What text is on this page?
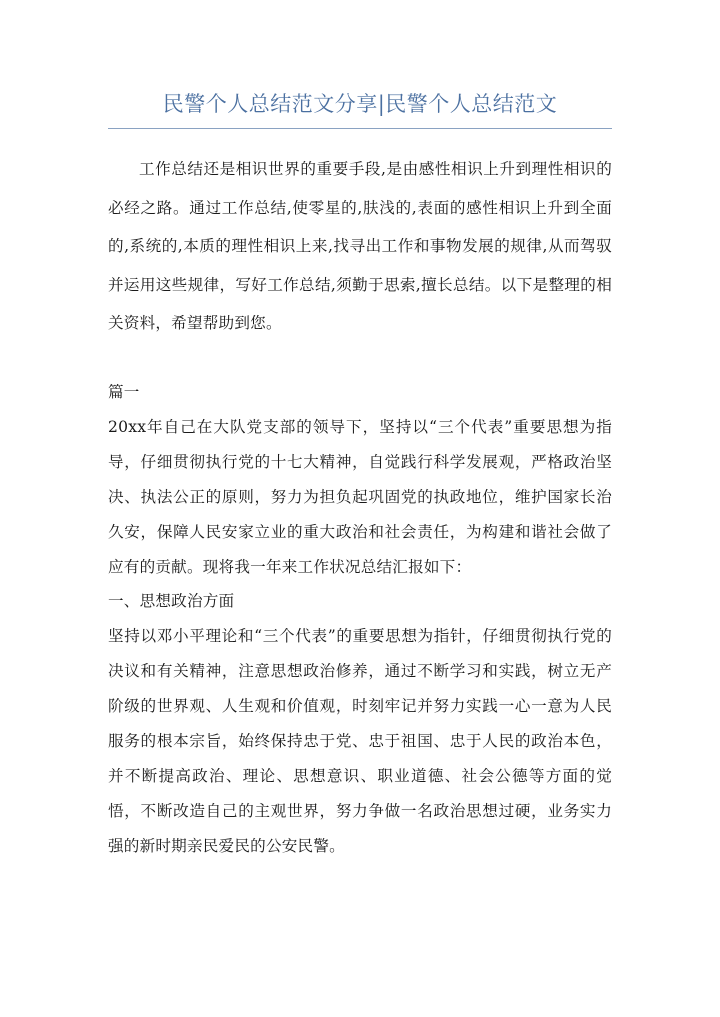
民警个人总结范文分享|民警个人总结范文

工作总结还是相识世界的重要手段,是由感性相识上升到理性相识的必经之路。通过工作总结,使零星的,肤浅的,表面的感性相识上升到全面的,系统的,本质的理性相识上来,找寻出工作和事物发展的规律,从而驾驭并运用这些规律，写好工作总结,须勤于思索,擅长总结。以下是整理的相关资料，希望帮助到您。

篇一

20xx年自己在大队党支部的领导下，坚持以“三个代表”重要思想为指导，仔细贯彻执行党的十七大精神，自觉践行科学发展观，严格政治坚决、执法公正的原则，努力为担负起巩固党的执政地位，维护国家长治久安，保障人民安家立业的重大政治和社会责任，为构建和谐社会做了应有的贡献。现将我一年来工作状况总结汇报如下：

一、思想政治方面

坚持以邓小平理论和“三个代表”的重要思想为指针，仔细贯彻执行党的决议和有关精神，注意思想政治修养，通过不断学习和实践，树立无产阶级的世界观、人生观和价值观，时刻牢记并努力实践一心一意为人民服务的根本宗旨，始终保持忠于党、忠于祖国、忠于人民的政治本色，并不断提高政治、理论、思想意识、职业道德、社会公德等方面的觉悟，不断改造自己的主观世界，努力争做一名政治思想过硬，业务实力强的新时期亲民爱民的公安民警。
